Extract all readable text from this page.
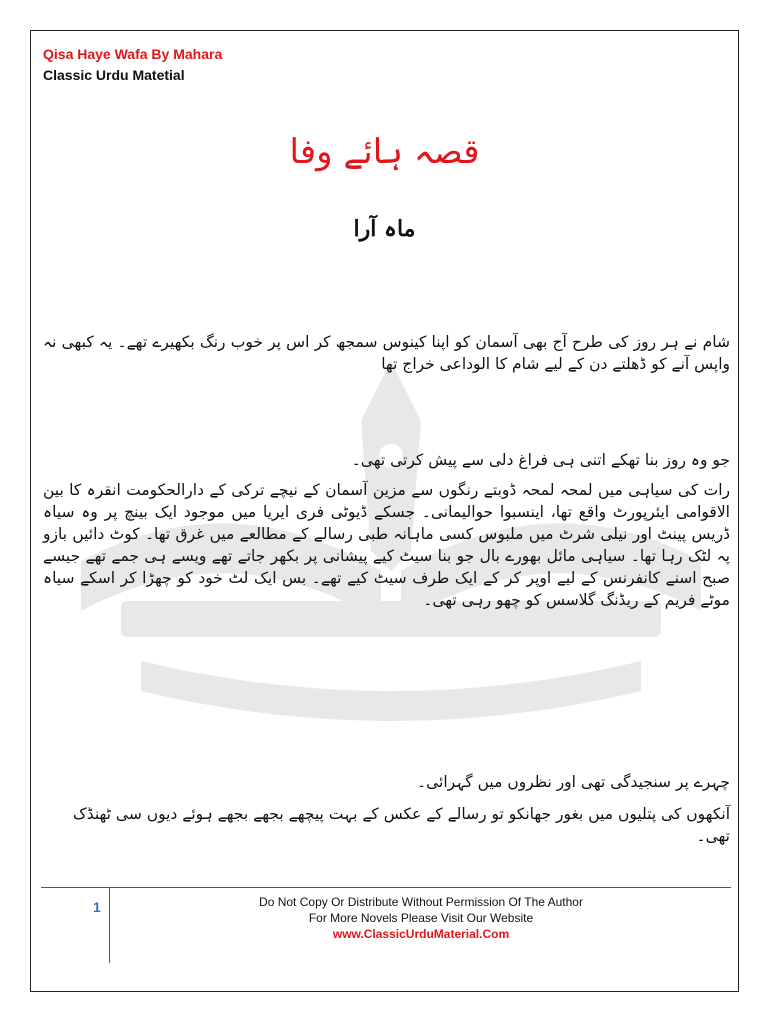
Qisa Haye Wafa By Mahara
Classic Urdu Matetial
قصہ ہائے وفا
ماہ آرا
شام نے ہر روز کی طرح آج بھی آسمان کو اپنا کینوس سمجھ کر اس پر خوب رنگ بکھیرے تھے۔ یہ کبھی نہ واپس آنے کو ڈھلتے دن کے لیے شام کا الوداعی خراج تھا
جو وہ روز بنا تھکے اتنی ہی فراغ دلی سے پیش کرتی تھی۔
رات کی سیاہی میں لمحہ لمحہ ڈوبتے رنگوں سے مزین آسمان کے نیچے ترکی کے دارالحکومت انقرہ کا بین الاقوامی ایئرپورٹ واقع تھا، اینسبوا حوالیمانی۔ جسکے ڈیوٹی فری ایریا میں موجود ایک بینچ پر وہ سیاہ ڈریس پینٹ اور نیلی شرٹ میں ملبوس کسی ماہانہ طبی رسالے کے مطالعے میں غرق تھا۔ کوٹ دائیں بازو پہ لٹک رہا تھا۔ سیاہی مائل بھورے بال جو بنا سیٹ کیے پیشانی پر بکھر جاتے تھے ویسے ہی جمے تھے جیسے صبح اسنے کانفرنس کے لیے اوپر کر کے ایک طرف سیٹ کیے تھے۔ بس ایک لٹ خود کو چھڑا کر اسکے سیاہ موٹے فریم کے ریڈنگ گلاسس کو چھو رہی تھی۔
چہرے پر سنجیدگی تھی اور نظروں میں گہرائی۔
آنکھوں کی پتلیوں میں بغور جھانکو تو رسالے کے عکس کے بہت پیچھے بجھے بجھے ہوئے دیوں سی ٹھنڈک تھی۔
1	Do Not Copy Or Distribute Without Permission Of The Author
For More Novels Please Visit Our Website
www.ClassicUrduMaterial.Com
